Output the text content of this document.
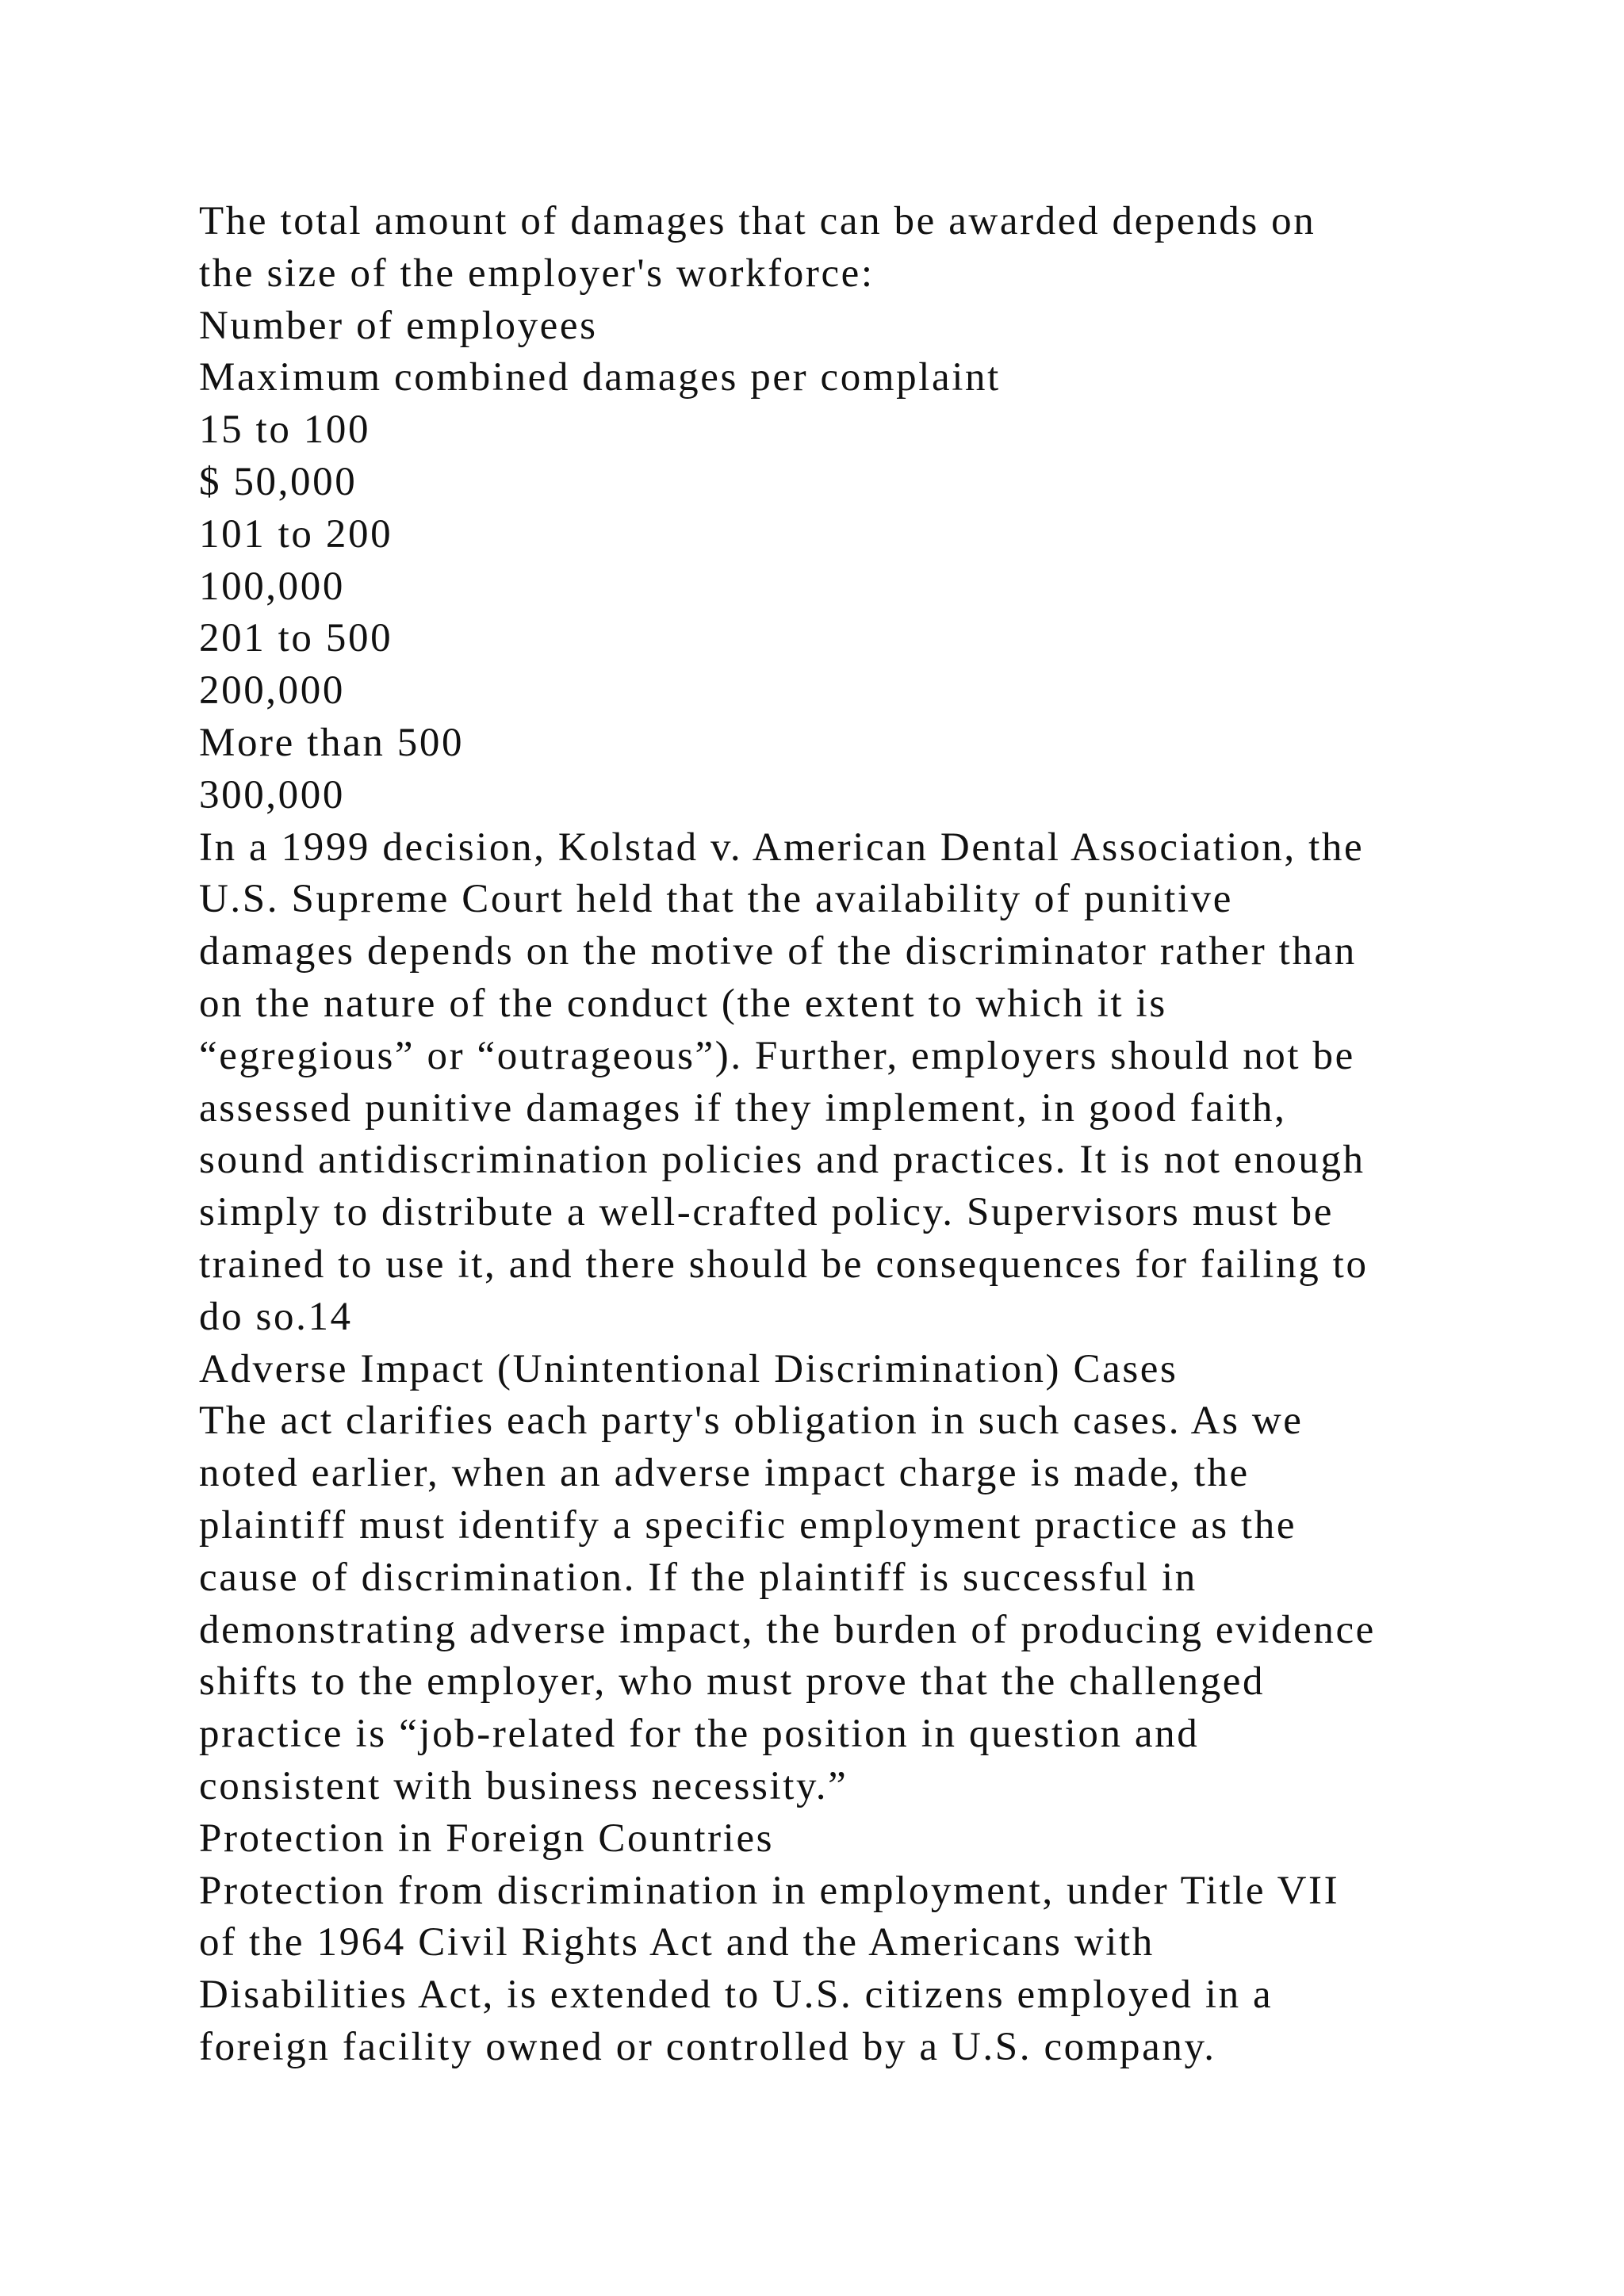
The total amount of damages that can be awarded depends on
the size of the employer's workforce:
Number of employees
Maximum combined damages per complaint
15 to 100
$ 50,000
101 to 200
100,000
201 to 500
200,000
More than 500
300,000
In a 1999 decision, Kolstad v. American Dental Association, the
U.S. Supreme Court held that the availability of punitive
damages depends on the motive of the discriminator rather than
on the nature of the conduct (the extent to which it is
“egregious” or “outrageous”). Further, employers should not be
assessed punitive damages if they implement, in good faith,
sound antidiscrimination policies and practices. It is not enough
simply to distribute a well-crafted policy. Supervisors must be
trained to use it, and there should be consequences for failing to
do so.14
Adverse Impact (Unintentional Discrimination) Cases
The act clarifies each party's obligation in such cases. As we
noted earlier, when an adverse impact charge is made, the
plaintiff must identify a specific employment practice as the
cause of discrimination. If the plaintiff is successful in
demonstrating adverse impact, the burden of producing evidence
shifts to the employer, who must prove that the challenged
practice is “job-related for the position in question and
consistent with business necessity.”
Protection in Foreign Countries
Protection from discrimination in employment, under Title VII
of the 1964 Civil Rights Act and the Americans with
Disabilities Act, is extended to U.S. citizens employed in a
foreign facility owned or controlled by a U.S. company.
